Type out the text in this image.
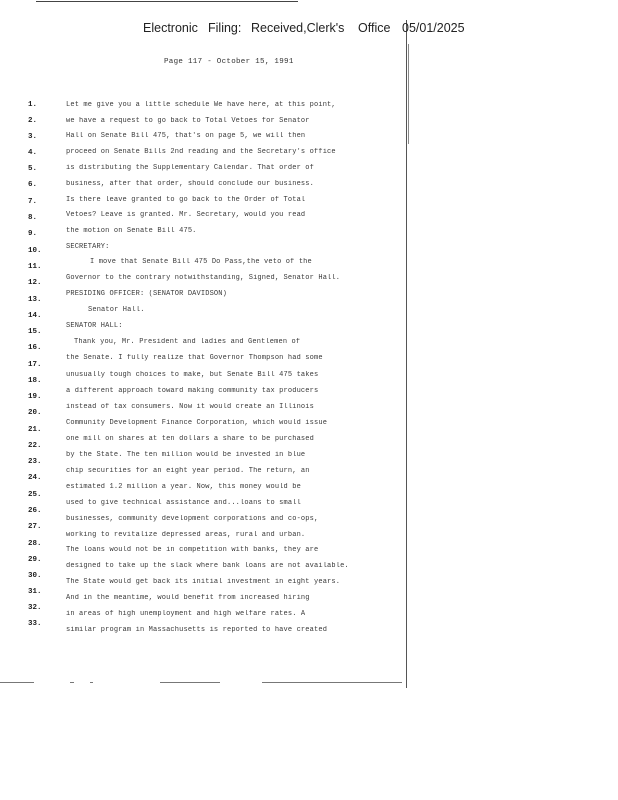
Electronic Filing: Received,Clerk's Office 05/01/2025
Page 117 - October 15, 1991
1.
2.
3.
4.
5.
6.
7.
8.
9.
10.
11.
12.
13.
14.
15.
16.
17.
18.
19.
20.
21.
22.
23.
24.
25.
26.
27.
28.
29.
30.
31.
32.
33.
Let me give you a little schedule We have here, at this point,
we have a request to go back to Total Vetoes for Senator
Hall on Senate Bill 475, that's on page 5, we will then
proceed on Senate Bills 2nd reading and the Secretary's office
is distributing the Supplementary Calendar. That order of
business, after that order, should conclude our business.
Is there leave granted to go back to the Order of Total
Vetoes? Leave is granted. Mr. Secretary, would you read
the motion on Senate Bill 475.
SECRETARY:
I move that Senate Bill 475 Do Pass,the veto of the
Governor to the contrary notwithstanding, Signed, Senator Hall.
PRESIDING OFFICER: (SENATOR DAVIDSON)
Senator Hall.
SENATOR HALL:
Thank you, Mr. President and ladies and Gentlemen of
the Senate. I fully realize that Governor Thompson had some
unusually tough choices to make, but Senate Bill 475 takes
a different approach toward making community tax producers
instead of tax consumers. Now it would create an Illinois
Community Development Finance Corporation, which would issue
one mill on shares at ten dollars a share to be purchased
by the State. The ten million would be invested in blue
chip securities for an eight year period. The return, an
estimated 1.2 million a year. Now, this money would be
used to give technical assistance and...loans to small
businesses, community development corporations and co-ops,
working to revitalize depressed areas, rural and urban.
The loans would not be in competition with banks, they are
designed to take up the slack where bank loans are not available.
The State would get back its initial investment in eight years.
And in the meantime, would benefit from increased hiring
in areas of high unemployment and high welfare rates. A
similar program in Massachusetts is reported to have created
